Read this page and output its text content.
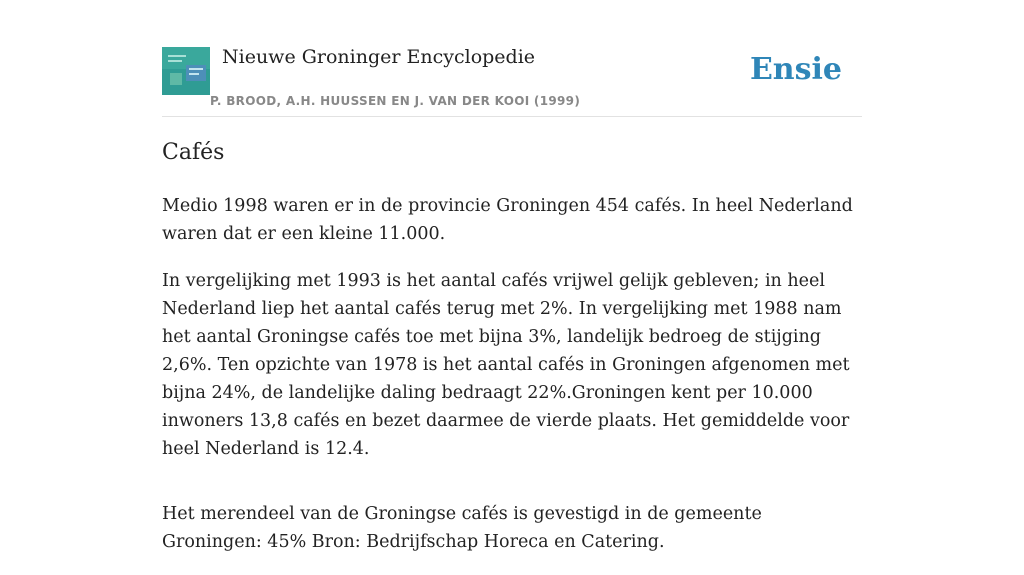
Nieuwe Groninger Encyclopedie
P. BROOD, A.H. HUUSSEN EN J. VAN DER KOOI (1999)
Ensie
Cafés

Medio 1998 waren er in de provincie Groningen 454 cafés. In heel Nederland waren dat er een kleine 11.000.

In vergelijking met 1993 is het aantal cafés vrijwel gelijk gebleven; in heel Nederland liep het aantal cafés terug met 2%. In vergelijking met 1988 nam het aantal Groningse cafés toe met bijna 3%, landelijk bedroeg de stijging 2,6%. Ten opzichte van 1978 is het aantal cafés in Groningen afgenomen met bijna 24%, de landelijke daling bedraagt 22%.Groningen kent per 10.000 inwoners 13,8 cafés en bezet daarmee de vierde plaats. Het gemiddelde voor heel Nederland is 12.4.

Het merendeel van de Groningse cafés is gevestigd in de gemeente Groningen: 45% Bron: Bedrijfschap Horeca en Catering.
